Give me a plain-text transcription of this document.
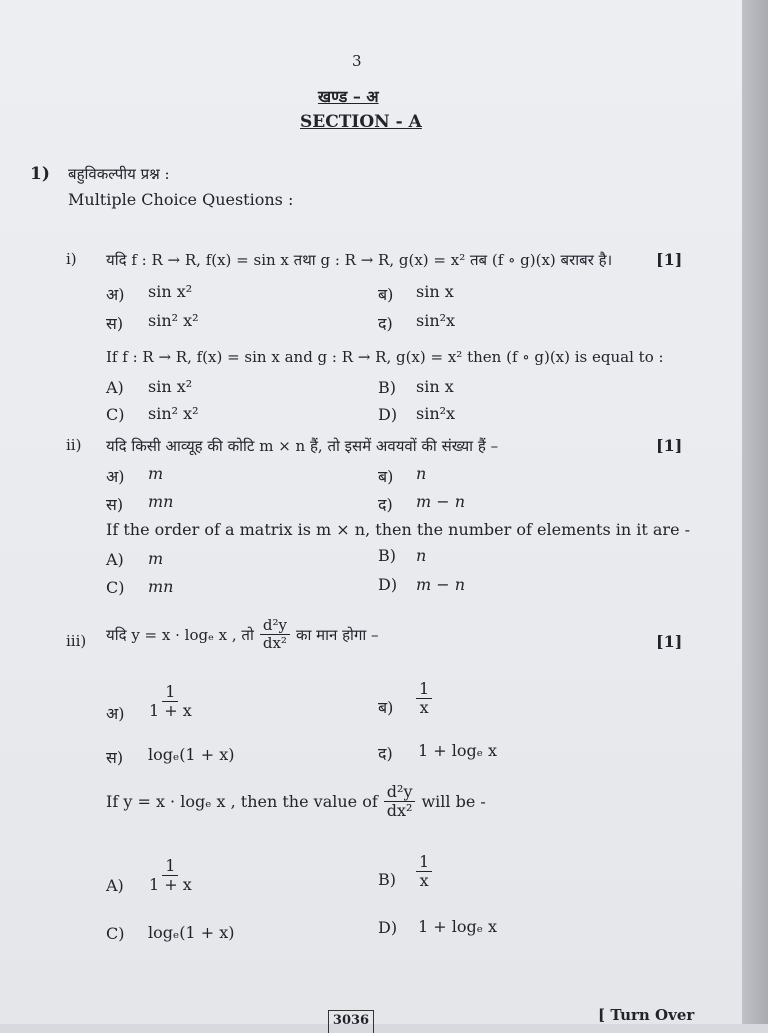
3
खण्ड – अ
SECTION - A
1) बहुविकल्पीय प्रश्न :
Multiple Choice Questions :
i) यदि f : R → R, f(x) = sin x तथा g : R → R, g(x) = x² तब (f ∘ g)(x) बराबर है।	[1]
अ) sin x²	ब) sin x
स) sin² x²	द) sin²x
If f : R → R, f(x) = sin x and g : R → R, g(x) = x² then (f ∘ g)(x) is equal to :
A) sin x²	B) sin x
C) sin² x²	D) sin²x
ii) यदि किसी आव्यूह की कोटि m × n हैं, तो इसमें अवयवों की संख्या हैं –	[1]
अ) m	ब) n
स) mn	द) m − n
If the order of a matrix is m × n, then the number of elements in it are -
A) m	B) n
C) mn	D) m − n
iii) यदि y = x · logₑ x , तो $\frac{\text{d²y}}{\text{dx²}}$ का मान होगा –	[1]
अ) $\frac{1}{1 + x}$	ब) $\frac{1}{x}$
स) logₑ(1 + x)	द) 1 + logₑ x
If y = x · logₑ x , then the value of $\frac{\text{d²y}}{\text{dx²}}$ will be -
$A) \frac{1}{1 + x}$	$B) \frac{1}{x}$
C) logₑ(1 + x)	D) 1 + logₑ x
3036	[ Turn Over
